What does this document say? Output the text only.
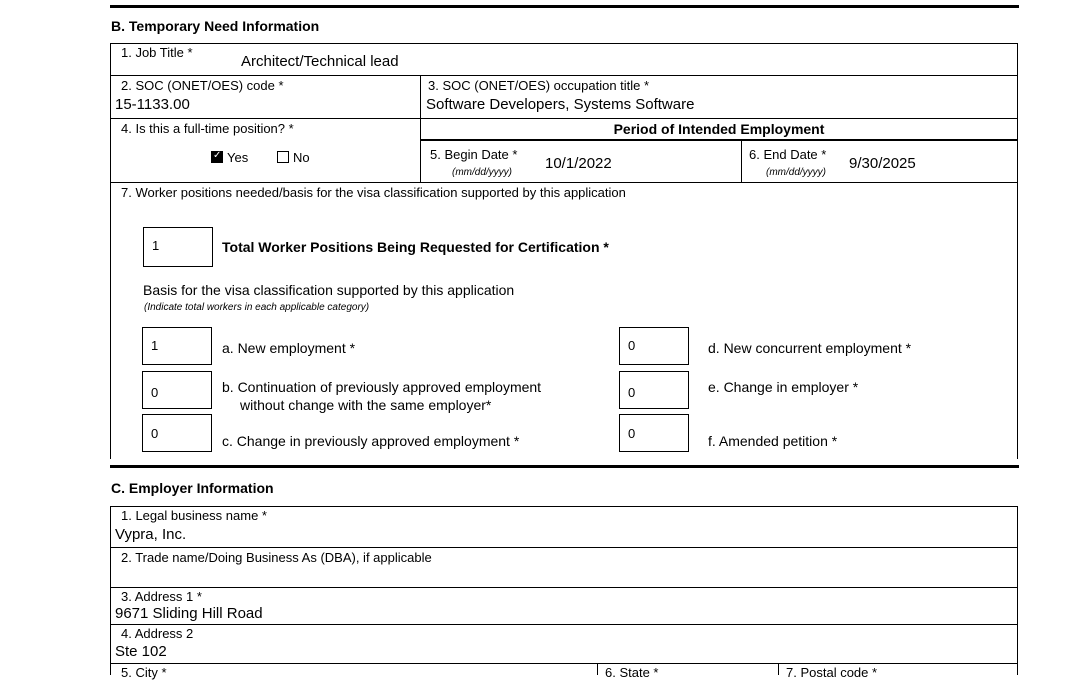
B. Temporary Need Information
1. Job Title *
Architect/Technical lead
2. SOC (ONET/OES) code *
15-1133.00
3. SOC (ONET/OES) occupation title *
Software Developers, Systems Software
4. Is this a full-time position? *
✓Yes	No
Period of Intended Employment
5. Begin Date *
(mm/dd/yyyy)
10/1/2022
6. End Date *
(mm/dd/yyyy)
9/30/2025
7. Worker positions needed/basis for the visa classification supported by this application
1	Total Worker Positions Being Requested for Certification *
Basis for the visa classification supported by this application
(Indicate total workers in each applicable category)
1	a. New employment *
0	b. Continuation of previously approved employment
without change with the same employer*
0	c. Change in previously approved employment *
0	d. New concurrent employment *
0	e. Change in employer *
0	f. Amended petition *
C. Employer Information
1. Legal business name *
Vypra, Inc.
2. Trade name/Doing Business As (DBA), if applicable
3. Address 1 *
9671 Sliding Hill Road
4. Address 2
Ste 102
5. City *	6. State *	7. Postal code *
